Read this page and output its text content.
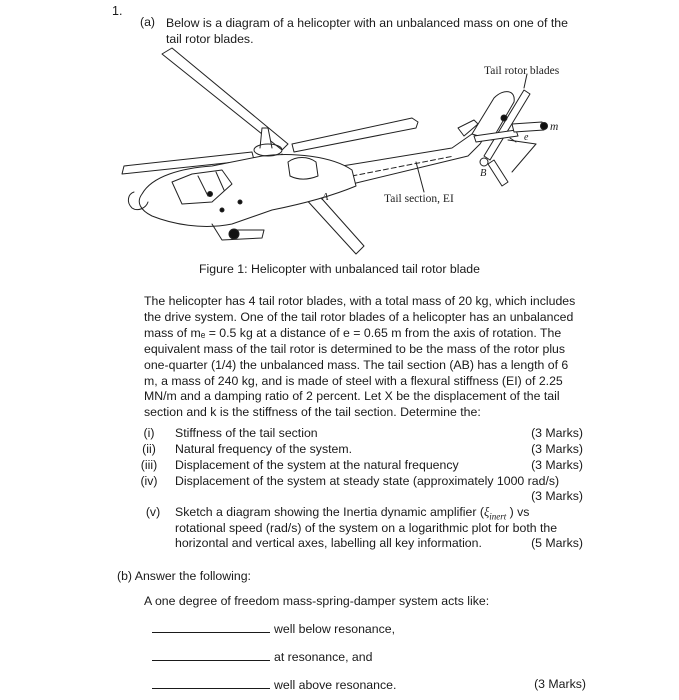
1.
(a) Below is a diagram of a helicopter with an unbalanced mass on one of the
tail rotor blades.
Tail rotor blades
m
e
B
A	Tail section, EI
Figure 1: Helicopter with unbalanced tail rotor blade

The helicopter has 4 tail rotor blades, with a total mass of 20 kg, which includes

the drive system. One of the tail rotor blades of a helicopter has an unbalanced

mass of mₑ = 0.5 kg at a distance of e = 0.65 m from the axis of rotation. The

equivalent mass of the tail rotor is determined to be the mass of the rotor plus

one-quarter (1/4) the unbalanced mass. The tail section (AB) has a length of 6

m, a mass of 240 kg, and is made of steel with a flexural stiffness (EI) of 2.25

MN/m and a damping ratio of 2 percent. Let X be the displacement of the tail

section and k is the stiffness of the tail section. Determine the:

(i)	Stiffness of the tail section	(3 Marks)
(ii)	Natural frequency of the system.	(3 Marks)
(iii)	Displacement of the system at the natural frequency	(3 Marks)
(iv)	Displacement of the system at steady state (approximately 1000 rad/s)
(3 Marks)
(v)	Sketch a diagram showing the Inertia dynamic amplifier ($\xi_{inert}$ ) vs
rotational speed (rad/s) of the system on a logarithmic plot for both the
horizontal and vertical axes, labelling all key information.	(5 Marks)
(b) Answer the following:
A one degree of freedom mass-spring-damper system acts like:
well below resonance,
at resonance, and
well above resonance.	(3 Marks)
